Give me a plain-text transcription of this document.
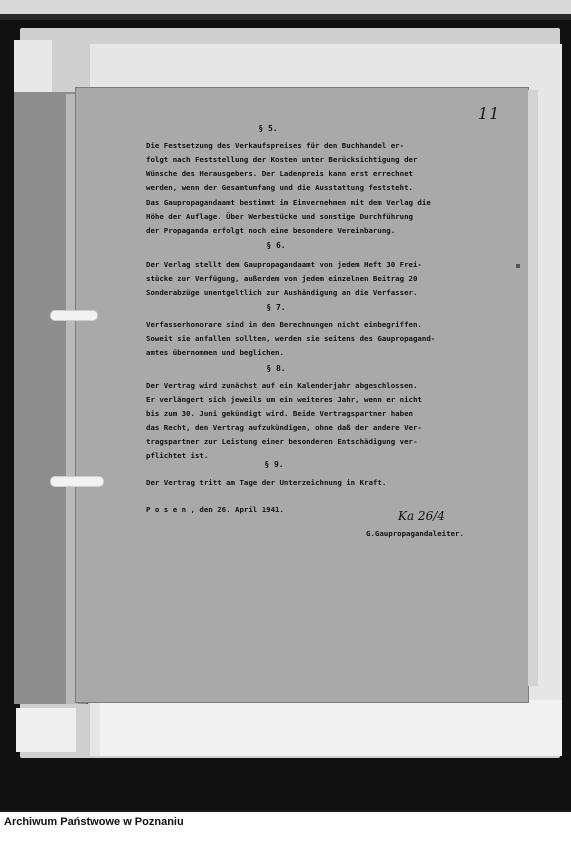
11
§ 5.
Die Festsetzung des Verkaufspreises für den Buchhandel er-
folgt nach Feststellung der Kosten unter Berücksichtigung der
Wünsche des Herausgebers. Der Ladenpreis kann erst errechnet
werden, wenn der Gesamtumfang und die Ausstattung feststeht.
Das Gaupropagandaamt bestimmt im Einvernehmen mit dem Verlag die
Höhe der Auflage. Über Werbestücke und sonstige Durchführung
der Propaganda erfolgt noch eine besondere Vereinbarung.
§ 6.
Der Verlag stellt dem Gaupropagandaamt von jedem Heft 30 Frei-
stücke zur Verfügung, außerdem von jedem einzelnen Beitrag 20
Sonderabzüge unentgeltlich zur Aushändigung an die Verfasser.
§ 7.
Verfasserhonorare sind in den Berechnungen nicht einbegriffen.
Soweit sie anfallen sollten, werden sie seitens des Gaupropagand-
amtes übernommen und beglichen.
§ 8.
Der Vertrag wird zunächst auf ein Kalenderjahr abgeschlossen.
Er verlängert sich jeweils um ein weiteres Jahr, wenn er nicht
bis zum 30. Juni gekündigt wird. Beide Vertragspartner haben
das Recht, den Vertrag aufzukündigen, ohne daß der andere Ver-
tragspartner zur Leistung einer besonderen Entschädigung ver-
pflichtet ist.
§ 9.
Der Vertrag tritt am Tage der Unterzeichnung in Kraft.
P o s e n , den 26. April 1941.	Ka 26/4
G.Gaupropagandaleiter.
Archiwum Państwowe w Poznaniu
